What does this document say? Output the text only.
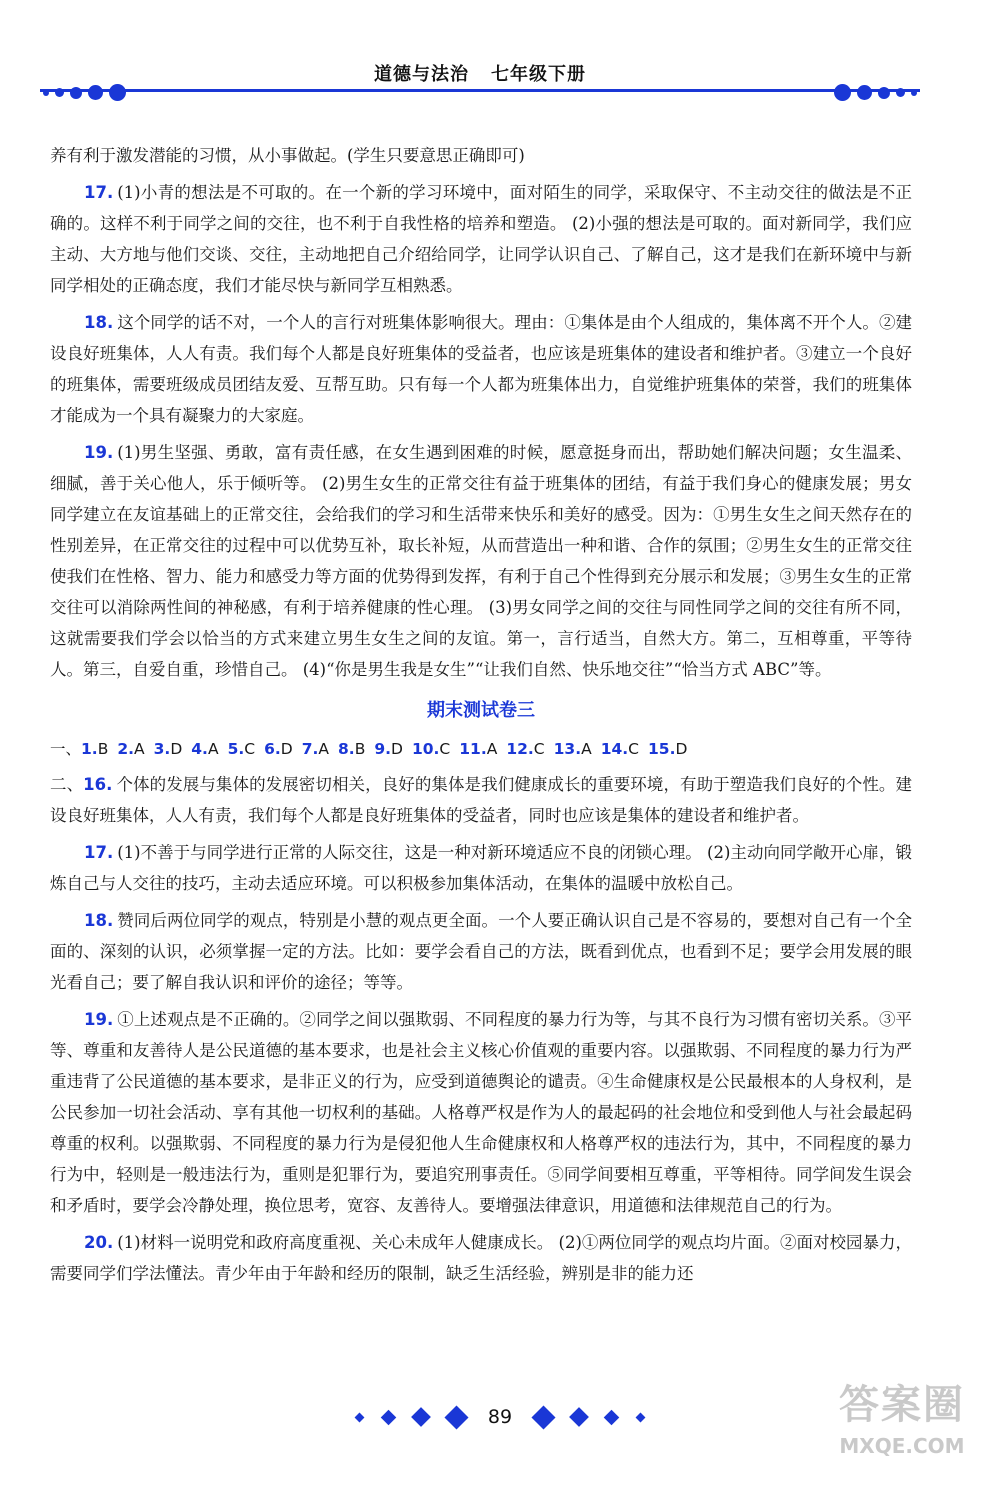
道德与法治 七年级下册

养有利于激发潜能的习惯，从小事做起。(学生只要意思正确即可)

17. (1)小青的想法是不可取的。在一个新的学习环境中，面对陌生的同学，采取保守、不主动交往的做法是不正确的。这样不利于同学之间的交往，也不利于自我性格的培养和塑造。 (2)小强的想法是可取的。面对新同学，我们应主动、大方地与他们交谈、交往，主动地把自己介绍给同学，让同学认识自己、了解自己，这才是我们在新环境中与新同学相处的正确态度，我们才能尽快与新同学互相熟悉。

18. 这个同学的话不对，一个人的言行对班集体影响很大。理由：①集体是由个人组成的，集体离不开个人。②建设良好班集体，人人有责。我们每个人都是良好班集体的受益者，也应该是班集体的建设者和维护者。③建立一个良好的班集体，需要班级成员团结友爱、互帮互助。只有每一个人都为班集体出力，自觉维护班集体的荣誉，我们的班集体才能成为一个具有凝聚力的大家庭。

19. (1)男生坚强、勇敢，富有责任感，在女生遇到困难的时候，愿意挺身而出，帮助她们解决问题；女生温柔、细腻，善于关心他人，乐于倾听等。 (2)男生女生的正常交往有益于班集体的团结，有益于我们身心的健康发展；男女同学建立在友谊基础上的正常交往，会给我们的学习和生活带来快乐和美好的感受。因为：①男生女生之间天然存在的性别差异，在正常交往的过程中可以优势互补，取长补短，从而营造出一种和谐、合作的氛围；②男生女生的正常交往使我们在性格、智力、能力和感受力等方面的优势得到发挥，有利于自己个性得到充分展示和发展；③男生女生的正常交往可以消除两性间的神秘感，有利于培养健康的性心理。 (3)男女同学之间的交往与同性同学之间的交往有所不同，这就需要我们学会以恰当的方式来建立男生女生之间的友谊。第一，言行适当，自然大方。第二，互相尊重，平等待人。第三，自爱自重，珍惜自己。 (4)“你是男生我是女生”“让我们自然、快乐地交往”“恰当方式 ABC”等。

期末测试卷三
一、1.B 2.A 3.D 4.A 5.C 6.D 7.A 8.B 9.D 10.C 11.A 12.C 13.A 14.C 15.D

二、16. 个体的发展与集体的发展密切相关，良好的集体是我们健康成长的重要环境，有助于塑造我们良好的个性。建设良好班集体，人人有责，我们每个人都是良好班集体的受益者，同时也应该是集体的建设者和维护者。

17. (1)不善于与同学进行正常的人际交往，这是一种对新环境适应不良的闭锁心理。 (2)主动向同学敞开心扉，锻炼自己与人交往的技巧，主动去适应环境。可以积极参加集体活动，在集体的温暖中放松自己。

18. 赞同后两位同学的观点，特别是小慧的观点更全面。一个人要正确认识自己是不容易的，要想对自己有一个全面的、深刻的认识，必须掌握一定的方法。比如：要学会看自己的方法，既看到优点，也看到不足；要学会用发展的眼光看自己；要了解自我认识和评价的途径；等等。

19. ①上述观点是不正确的。②同学之间以强欺弱、不同程度的暴力行为等，与其不良行为习惯有密切关系。③平等、尊重和友善待人是公民道德的基本要求，也是社会主义核心价值观的重要内容。以强欺弱、不同程度的暴力行为严重违背了公民道德的基本要求，是非正义的行为，应受到道德舆论的谴责。④生命健康权是公民最根本的人身权利，是公民参加一切社会活动、享有其他一切权利的基础。人格尊严权是作为人的最起码的社会地位和受到他人与社会最起码尊重的权利。以强欺弱、不同程度的暴力行为是侵犯他人生命健康权和人格尊严权的违法行为，其中，不同程度的暴力行为中，轻则是一般违法行为，重则是犯罪行为，要追究刑事责任。⑤同学间要相互尊重，平等相待。同学间发生误会和矛盾时，要学会冷静处理，换位思考，宽容、友善待人。要增强法律意识，用道德和法律规范自己的行为。

20. (1)材料一说明党和政府高度重视、关心未成年人健康成长。 (2)①两位同学的观点均片面。②面对校园暴力，需要同学们学法懂法。青少年由于年龄和经历的限制，缺乏生活经验，辨别是非的能力还

89	答案圈
MXQE.COM
